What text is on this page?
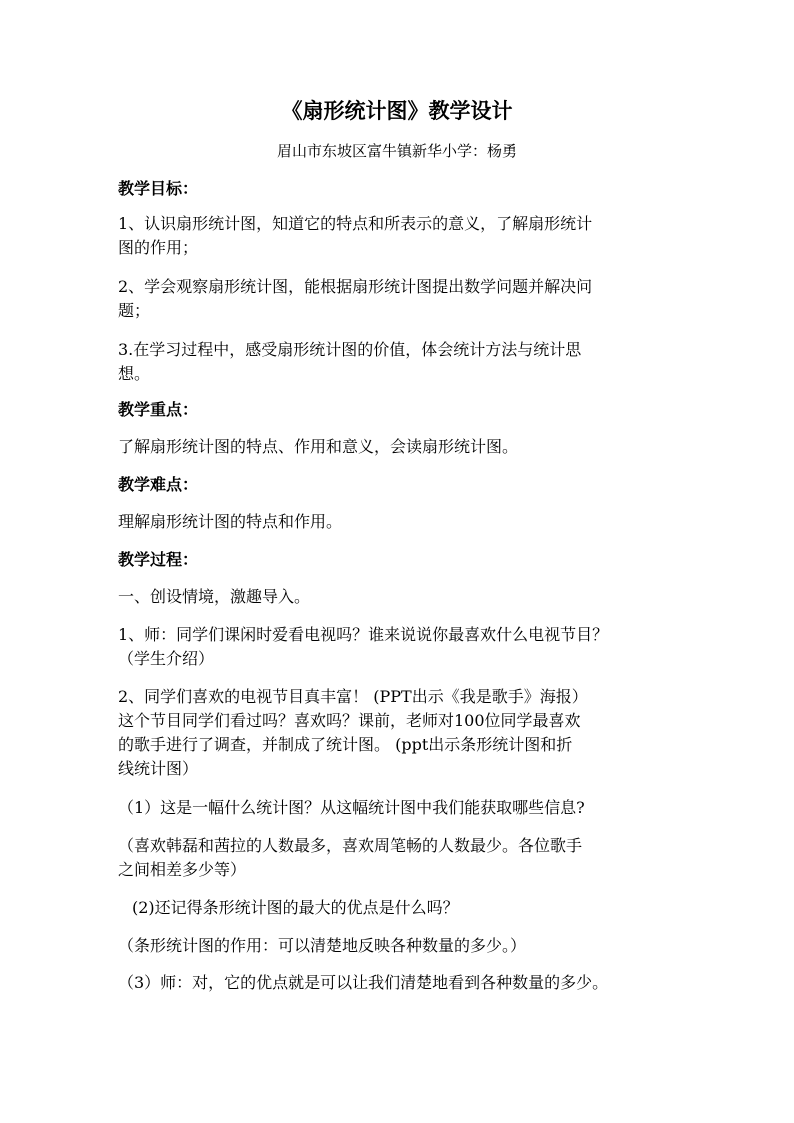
《扇形统计图》教学设计
眉山市东坡区富牛镇新华小学：杨勇
教学目标：
1、认识扇形统计图，知道它的特点和所表示的意义，了解扇形统计
图的作用；
2、学会观察扇形统计图，能根据扇形统计图提出数学问题并解决问
题；
3.在学习过程中，感受扇形统计图的价值，体会统计方法与统计思
想。
教学重点：
了解扇形统计图的特点、作用和意义，会读扇形统计图。
教学难点：
理解扇形统计图的特点和作用。
教学过程：
一、创设情境，激趣导入。
1、师：同学们课闲时爱看电视吗？谁来说说你最喜欢什么电视节目？
（学生介绍）
2、同学们喜欢的电视节目真丰富！ (PPT出示《我是歌手》海报）
这个节目同学们看过吗？喜欢吗？课前，老师对100位同学最喜欢
的歌手进行了调查，并制成了统计图。 (ppt出示条形统计图和折
线统计图）
（1）这是一幅什么统计图？从这幅统计图中我们能获取哪些信息?
（喜欢韩磊和茜拉的人数最多，喜欢周笔畅的人数最少。各位歌手
之间相差多少等）
(2)还记得条形统计图的最大的优点是什么吗？
（条形统计图的作用：可以清楚地反映各种数量的多少。）
（3）师：对，它的优点就是可以让我们清楚地看到各种数量的多少。
